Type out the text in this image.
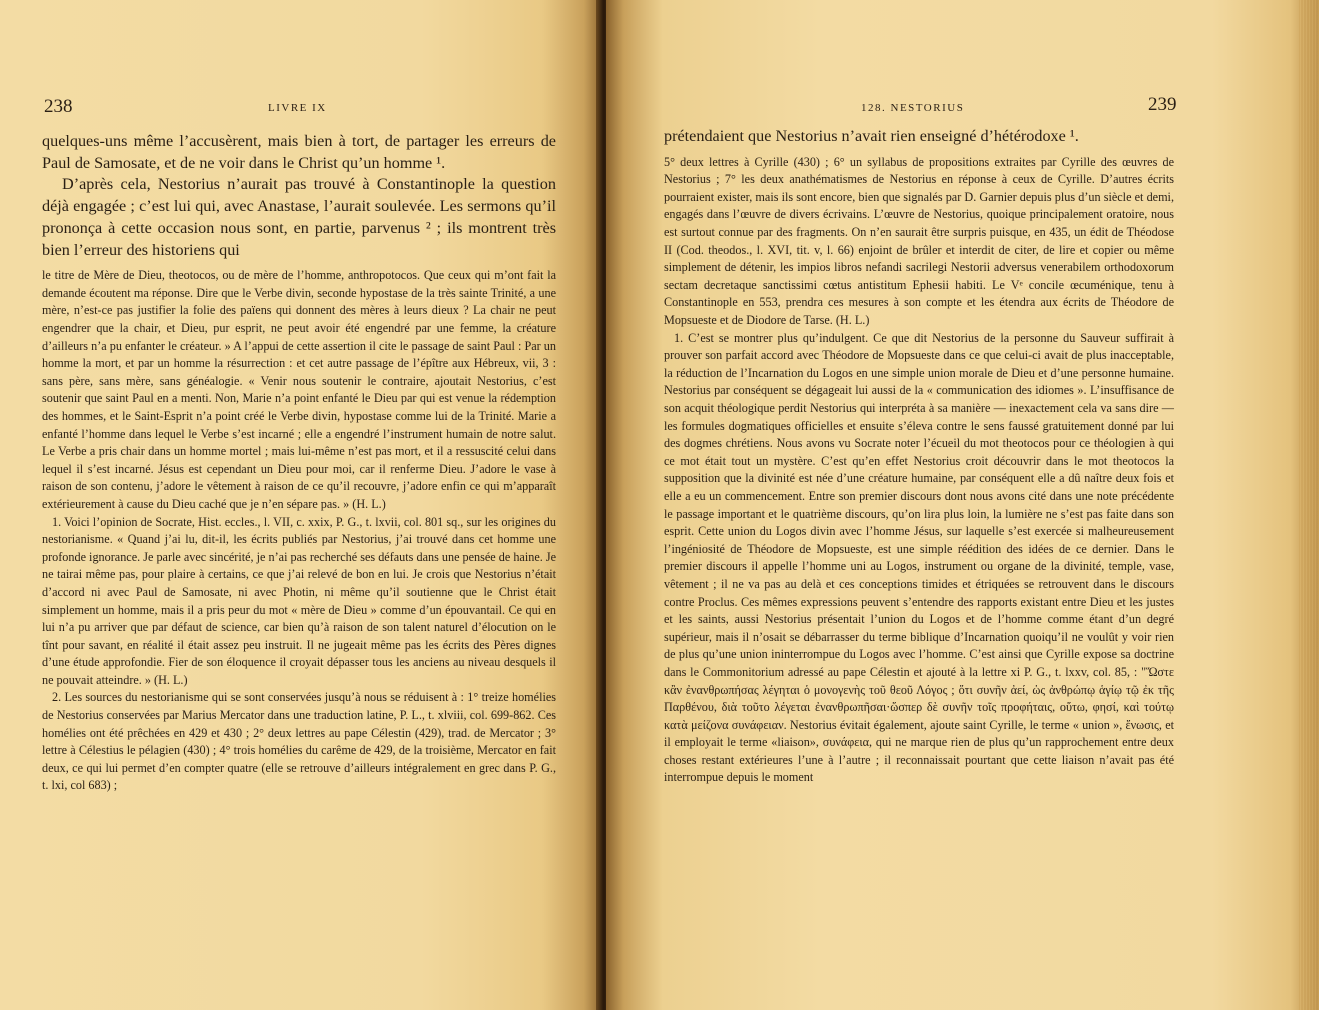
238	LIVRE IX

quelques-uns même l’accusèrent, mais bien à tort, de partager les erreurs de Paul de Samosate, et de ne voir dans le Christ qu’un homme ¹.

D’après cela, Nestorius n’aurait pas trouvé à Constantinople la question déjà engagée ; c’est lui qui, avec Anastase, l’aurait soulevée. Les sermons qu’il prononça à cette occasion nous sont, en partie, parvenus ² ; ils montrent très bien l’erreur des historiens qui

le titre de Mère de Dieu, theotocos, ou de mère de l’homme, anthropotocos. Que ceux qui m’ont fait la demande écoutent ma réponse. Dire que le Verbe divin, seconde hypostase de la très sainte Trinité, a une mère, n’est-ce pas justifier la folie des païens qui donnent des mères à leurs dieux ? La chair ne peut engendrer que la chair, et Dieu, pur esprit, ne peut avoir été engendré par une femme, la créature d’ailleurs n’a pu enfanter le créateur. » A l’appui de cette assertion il cite le passage de saint Paul : Par un homme la mort, et par un homme la résurrection : et cet autre passage de l’épître aux Hébreux, vii, 3 : sans père, sans mère, sans généalogie. « Venir nous soutenir le contraire, ajoutait Nestorius, c’est soutenir que saint Paul en a menti. Non, Marie n’a point enfanté le Dieu par qui est venue la rédemption des hommes, et le Saint-Esprit n’a point créé le Verbe divin, hypostase comme lui de la Trinité. Marie a enfanté l’homme dans lequel le Verbe s’est incarné ; elle a engendré l’instrument humain de notre salut. Le Verbe a pris chair dans un homme mortel ; mais lui-même n’est pas mort, et il a ressuscité celui dans lequel il s’est incarné. Jésus est cependant un Dieu pour moi, car il renferme Dieu. J’adore le vase à raison de son contenu, j’adore le vêtement à raison de ce qu’il recouvre, j’adore enfin ce qui m’apparaît extérieurement à cause du Dieu caché que je n’en sépare pas. » (H. L.)

1. Voici l’opinion de Socrate, Hist. eccles., l. VII, c. xxix, P. G., t. lxvii, col. 801 sq., sur les origines du nestorianisme. « Quand j’ai lu, dit-il, les écrits publiés par Nestorius, j’ai trouvé dans cet homme une profonde ignorance. Je parle avec sincérité, je n’ai pas recherché ses défauts dans une pensée de haine. Je ne tairai même pas, pour plaire à certains, ce que j’ai relevé de bon en lui. Je crois que Nestorius n’était d’accord ni avec Paul de Samosate, ni avec Photin, ni même qu’il soutienne que le Christ était simplement un homme, mais il a pris peur du mot « mère de Dieu » comme d’un épouvantail. Ce qui en lui n’a pu arriver que par défaut de science, car bien qu’à raison de son talent naturel d’élocution on le tînt pour savant, en réalité il était assez peu instruit. Il ne jugeait même pas les écrits des Pères dignes d’une étude approfondie. Fier de son éloquence il croyait dépasser tous les anciens au niveau desquels il ne pouvait atteindre. » (H. L.)

2. Les sources du nestorianisme qui se sont conservées jusqu’à nous se réduisent à : 1° treize homélies de Nestorius conservées par Marius Mercator dans une traduction latine, P. L., t. xlviii, col. 699-862. Ces homélies ont été prêchées en 429 et 430 ; 2° deux lettres au pape Célestin (429), trad. de Mercator ; 3° lettre à Célestius le pélagien (430) ; 4° trois homélies du carême de 429, de la troisième, Mercator en fait deux, ce qui lui permet d’en compter quatre (elle se retrouve d’ailleurs intégralement en grec dans P. G., t. lxi, col 683) ;

128. NESTORIUS	239

prétendaient que Nestorius n’avait rien enseigné d’hétérodoxe ¹.

5° deux lettres à Cyrille (430) ; 6° un syllabus de propositions extraites par Cyrille des œuvres de Nestorius ; 7° les deux anathématismes de Nestorius en réponse à ceux de Cyrille. D’autres écrits pourraient exister, mais ils sont encore, bien que signalés par D. Garnier depuis plus d’un siècle et demi, engagés dans l’œuvre de divers écrivains. L’œuvre de Nestorius, quoique principalement oratoire, nous est surtout connue par des fragments. On n’en saurait être surpris puisque, en 435, un édit de Théodose II (Cod. theodos., l. XVI, tit. v, l. 66) enjoint de brûler et interdit de citer, de lire et copier ou même simplement de détenir, les impios libros nefandi sacrilegi Nestorii adversus venerabilem orthodoxorum sectam decretaque sanctissimi cœtus antistitum Ephesii habiti. Le Vᵉ concile œcuménique, tenu à Constantinople en 553, prendra ces mesures à son compte et les étendra aux écrits de Théodore de Mopsueste et de Diodore de Tarse. (H. L.)

1. C’est se montrer plus qu’indulgent. Ce que dit Nestorius de la personne du Sauveur suffirait à prouver son parfait accord avec Théodore de Mopsueste dans ce que celui-ci avait de plus inacceptable, la réduction de l’Incarnation du Logos en une simple union morale de Dieu et d’une personne humaine. Nestorius par conséquent se dégageait lui aussi de la « communication des idiomes ». L’insuffisance de son acquit théologique perdit Nestorius qui interpréta à sa manière — inexactement cela va sans dire — les formules dogmatiques officielles et ensuite s’éleva contre le sens faussé gratuitement donné par lui des dogmes chrétiens. Nous avons vu Socrate noter l’écueil du mot theotocos pour ce théologien à qui ce mot était tout un mystère. C’est qu’en effet Nestorius croit découvrir dans le mot theotocos la supposition que la divinité est née d’une créature humaine, par conséquent elle a dû naître deux fois et elle a eu un commencement. Entre son premier discours dont nous avons cité dans une note précédente le passage important et le quatrième discours, qu’on lira plus loin, la lumière ne s’est pas faite dans son esprit. Cette union du Logos divin avec l’homme Jésus, sur laquelle s’est exercée si malheureusement l’ingéniosité de Théodore de Mopsueste, est une simple réédition des idées de ce dernier. Dans le premier discours il appelle l’homme uni au Logos, instrument ou organe de la divinité, temple, vase, vêtement ; il ne va pas au delà et ces conceptions timides et étriquées se retrouvent dans le discours contre Proclus. Ces mêmes expressions peuvent s’entendre des rapports existant entre Dieu et les justes et les saints, aussi Nestorius présentait l’union du Logos et de l’homme comme étant d’un degré supérieur, mais il n’osait se débarrasser du terme biblique d’Incarnation quoiqu’il ne voulût y voir rien de plus qu’une union ininterrompue du Logos avec l’homme. C’est ainsi que Cyrille expose sa doctrine dans le Commonitorium adressé au pape Célestin et ajouté à la lettre xi P. G., t. lxxv, col. 85, : "Ὥστε κἂν ἐνανθρωπήσας λέγηται ὁ μονογενὴς τοῦ θεοῦ Λόγος ; ὅτι συνῆν ἀεί, ὡς ἀνθρώπῳ ἁγίῳ τῷ ἐκ τῆς Παρθένου, διὰ τοῦτο λέγεται ἐνανθρωπῆσαι·ὥσπερ δὲ συνῆν τοῖς προφήταις, οὕτω, φησί, καὶ τούτῳ κατὰ μείζονα συνάφειαν. Nestorius évitait également, ajoute saint Cyrille, le terme « union », ἕνωσις, et il employait le terme «liaison», συνάφεια, qui ne marque rien de plus qu’un rapprochement entre deux choses restant extérieures l’une à l’autre ; il reconnaissait pourtant que cette liaison n’avait pas été interrompue depuis le moment
